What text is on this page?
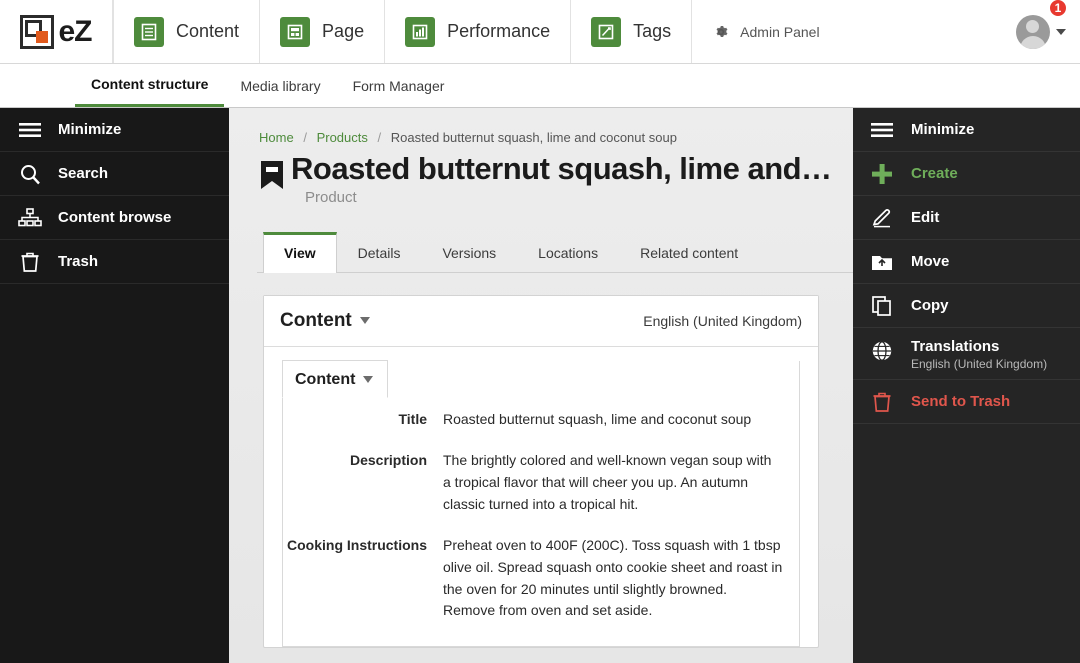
eZ	Content	Page	Performance	Tags	Admin Panel
1
Content structure Media library Form Manager
Minimize
Search
Content browse
Trash
Home / Products / Roasted butternut squash, lime and coconut soup
Roasted butternut squash, lime and…
Product
View	Details	Versions	Locations	Related content
Content	English (United Kingdom)
Content
Title	Roasted butternut squash, lime and coconut soup
Description	The brightly colored and well-known vegan soup with a tropical flavor that will cheer you up. An autumn classic turned into a tropical hit.
Cooking Instructions	Preheat oven to 400F (200C). Toss squash with 1 tbsp olive oil. Spread squash onto cookie sheet and roast in the oven for 20 minutes until slightly browned. Remove from oven and set aside.
Minimize
Create
Edit
Move
Copy
Translations
English (United Kingdom)
Send to Trash
